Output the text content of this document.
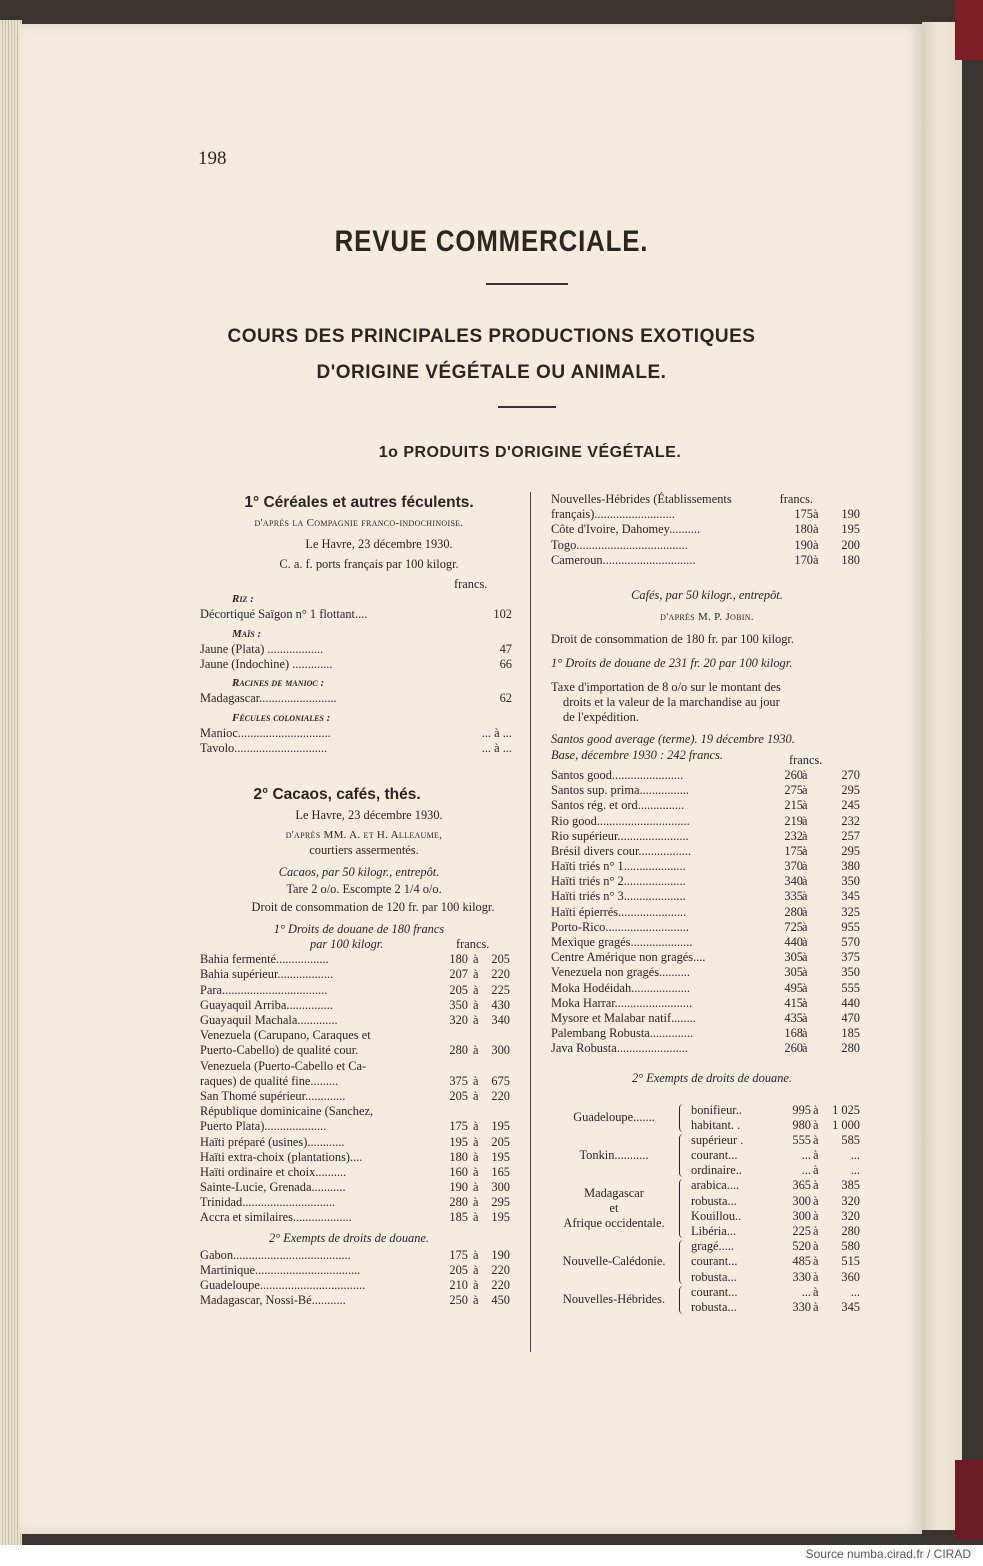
198
REVUE COMMERCIALE.
COURS DES PRINCIPALES PRODUCTIONS EXOTIQUES
D'ORIGINE VÉGÉTALE OU ANIMALE.
1o PRODUITS D'ORIGINE VÉGÉTALE.
1° Céréales et autres féculents.
d'après la Compagnie franco-indochinoise.
Le Havre, 23 décembre 1930.
C. a. f. ports français par 100 kilogr.
francs.
Riz :
Décortiqué Saïgon n° 1 flottant....	102
Maïs :
Jaune (Plata) ..................	47
Jaune (Indochine) .............	66
Racines de manioc :
Madagascar.........................	62
Fécules coloniales :
Manioc..............................	... à ...
Tavolo..............................	... à ...
2° Cacaos, cafés, thés.
Le Havre, 23 décembre 1930.
d'après MM. A. et H. Alleaume,
courtiers assermentés.
Cacaos, par 50 kilogr., entrepôt.
Tare 2 o/o. Escompte 2 1/4 o/o.
Droit de consommation de 120 fr. par 100 kilogr.
1° Droits de douane de 180 francs
par 100 kilogr.	francs.
Bahia fermenté.................	180 à 205
Bahia supérieur..................	207 à 220
Para..................................	205 à 225
Guayaquil Arriba...............	350 à 430
Guayaquil Machala.............	320 à 340
Venezuela (Carupano, Caraques et
Puerto-Cabello) de qualité cour.	280 à 300
Venezuela (Puerto-Cabello et Ca-
raques) de qualité fine.........	375 à 675
San Thomé supérieur.............	205 à 220
République dominicaine (Sanchez,
Puerto Plata)....................	175 à 195
Haïti préparé (usines)............	195 à 205
Haïti extra-choix (plantations)....	180 à 195
Haïti ordinaire et choix..........	160 à 165
Sainte-Lucie, Grenada...........	190 à 300
Trinidad..............................	280 à 295
Accra et similaires...................	185 à 195
2° Exempts de droits de douane.
Gabon......................................	175 à 190
Martinique..................................	205 à 220
Guadeloupe..................................	210 à 220
Madagascar, Nossi-Bé...........	250 à 450
Nouvelles-Hébrides (Établissements	francs.
français)..........................	175 à 190
Côte d'Ivoire, Dahomey..........	180 à 195
Togo....................................	190 à 200
Cameroun..............................	170 à 180
Cafés, par 50 kilogr., entrepôt.
d'après M. P. Jobin.
Droit de consommation de 180 fr. par 100 kilogr.
1° Droits de douane de 231 fr. 20 par 100 kilogr.
Taxe d'importation de 8 o/o sur le montant des
droits et la valeur de la marchandise au jour
de l'expédition.
Santos good average (terme). 19 décembre 1930.
Base, décembre 1930 : 242 francs.	francs.
Santos good.......................	260 à	270
Santos sup. prima................	275 à	295
Santos rég. et ord...............	215 à	245
Rio good..............................	219 à	232
Rio supérieur.......................	232 à	257
Brésil divers cour.................	175 à	295
Haïti triés n° 1....................	370 à	380
Haïti triés n° 2....................	340 à	350
Haïti triés n° 3....................	335 à	345
Haïti épierrés......................	280 à	325
Porto-Rico...........................	725 à	955
Mexique gragés....................	440 à	570
Centre Amérique non gragés....	305 à	375
Venezuela non gragés..........	305 à	350
Moka Hodéidah...................	495 à	555
Moka Harrar.........................	415 à	440
Mysore et Malabar natif........	435 à	470
Palembang Robusta..............	168 à	185
Java Robusta.......................	260 à	280
2° Exempts de droits de douane.
Guadeloupe.......
bonifieur..	995 à 1 025
habitant. .	980 à 1 000
Tonkin...........
supérieur .	555 à 585
courant...	... à	...
ordinaire..	... à	...
Madagascar
et
Afrique occidentale.
arabica....	365 à 385
robusta...	300 à 320
Kouillou..	300 à 320
Libéria...	225 à 280
Nouvelle-Calédonie.
gragé.....	520 à 580
courant...	485 à 515
robusta...	330 à 360
Nouvelles-Hébrides.
courant...	... à	...
robusta...	330 à 345
Source numba.cirad.fr / CIRAD
